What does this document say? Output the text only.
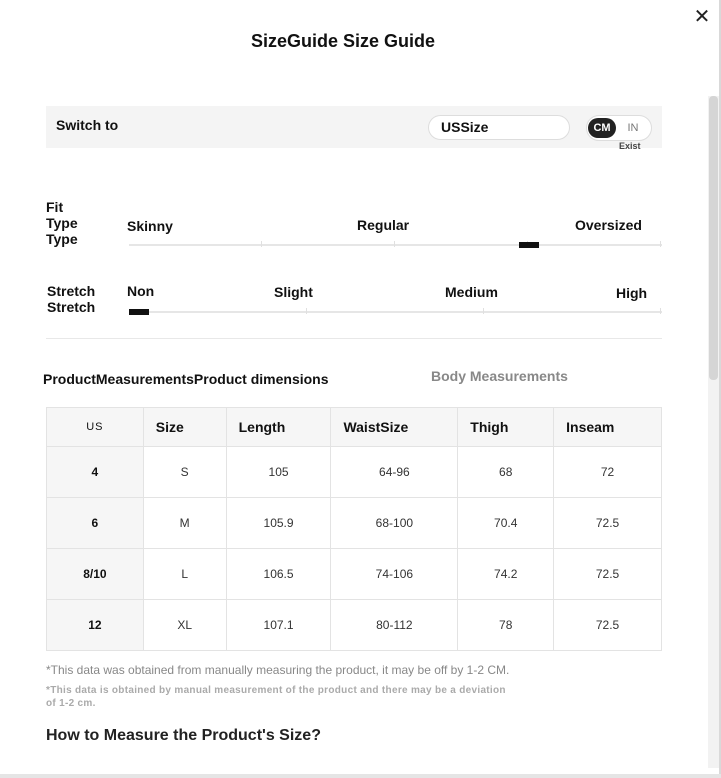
✕
SizeGuide Size Guide
Switch to	USSize	CM	IN
Exist
Fit
Type
Type
Skinny	Regular	Oversized
Stretch
Stretch
Non	Slight	Medium	High
ProductMeasurementsProduct dimensions	Body Measurements
US	Size	Length	WaistSize	Thigh	Inseam
4	S	105	64-96	68	72
6	M	105.9	68-100	70.4	72.5
8/10	L	106.5	74-106	74.2	72.5
12	XL	107.1	80-112	78	72.5

*This data was obtained from manually measuring the product, it may be off by 1-2 CM.

*This data is obtained by manual measurement of the product and there may be a deviation of 1-2 cm.

How to Measure the Product's Size?
